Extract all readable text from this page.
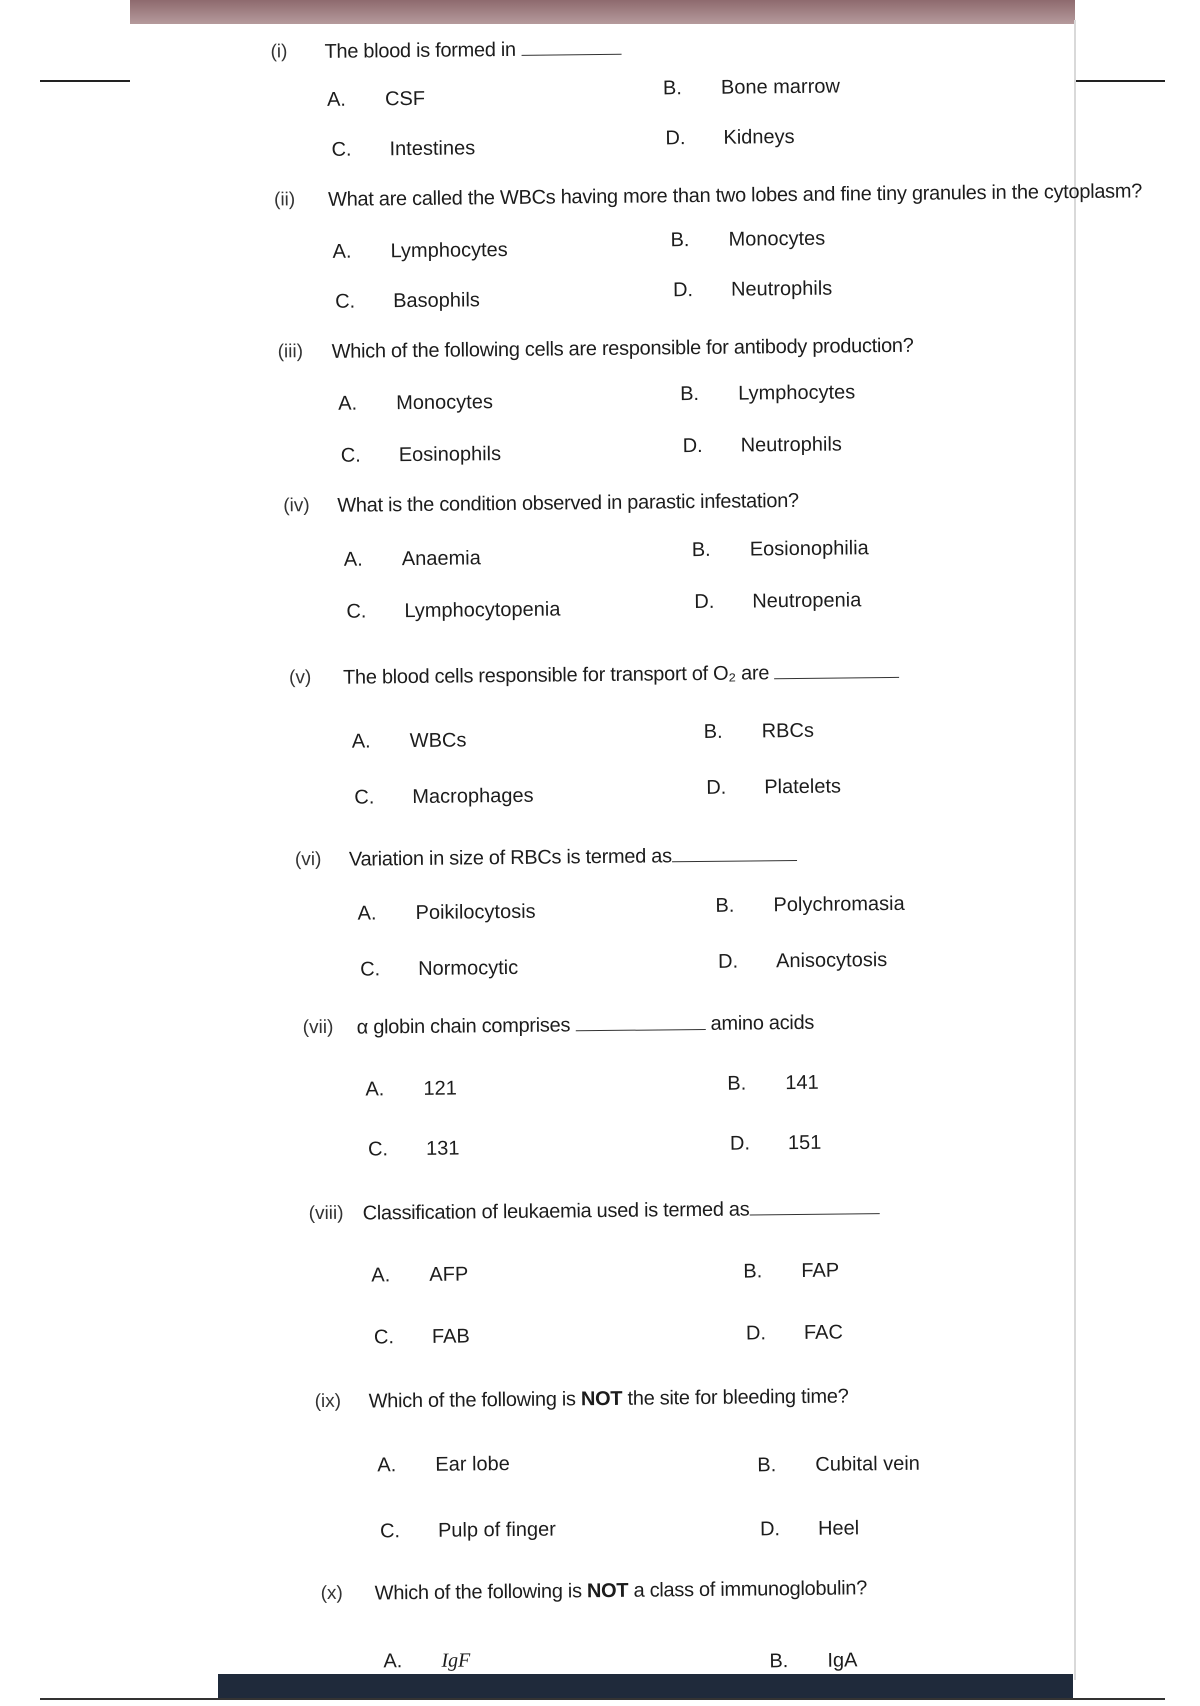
(i) The blood is formed in
A. CSF	B. Bone marrow
C. Intestines	D. Kidneys
(ii) What are called the WBCs having more than two lobes and fine tiny granules in the cytoplasm?
A. Lymphocytes	B. Monocytes
C. Basophils	D. Neutrophils
(iii) Which of the following cells are responsible for antibody production?
A. Monocytes	B. Lymphocytes
C. Eosinophils	D. Neutrophils
(iv) What is the condition observed in parastic infestation?
A. Anaemia	B. Eosionophilia
C. Lymphocytopenia	D. Neutropenia
(v) The blood cells responsible for transport of O₂ are
A. WBCs	B. RBCs
C. Macrophages	D. Platelets
(vi) Variation in size of RBCs is termed as
A. Poikilocytosis	B. Polychromasia
C. Normocytic	D. Anisocytosis
(vii) α globin chain comprises	amino acids
A. 121	B. 141
C. 131	D. 151
(viii) Classification of leukaemia used is termed as
A. AFP	B. FAP
C. FAB	D. FAC
(ix) Which of the following is NOT the site for bleeding time?
A. Ear lobe	B. Cubital vein
C. Pulp of finger	D. Heel
(x) Which of the following is NOT a class of immunoglobulin?
A. IgF	B. IgA
